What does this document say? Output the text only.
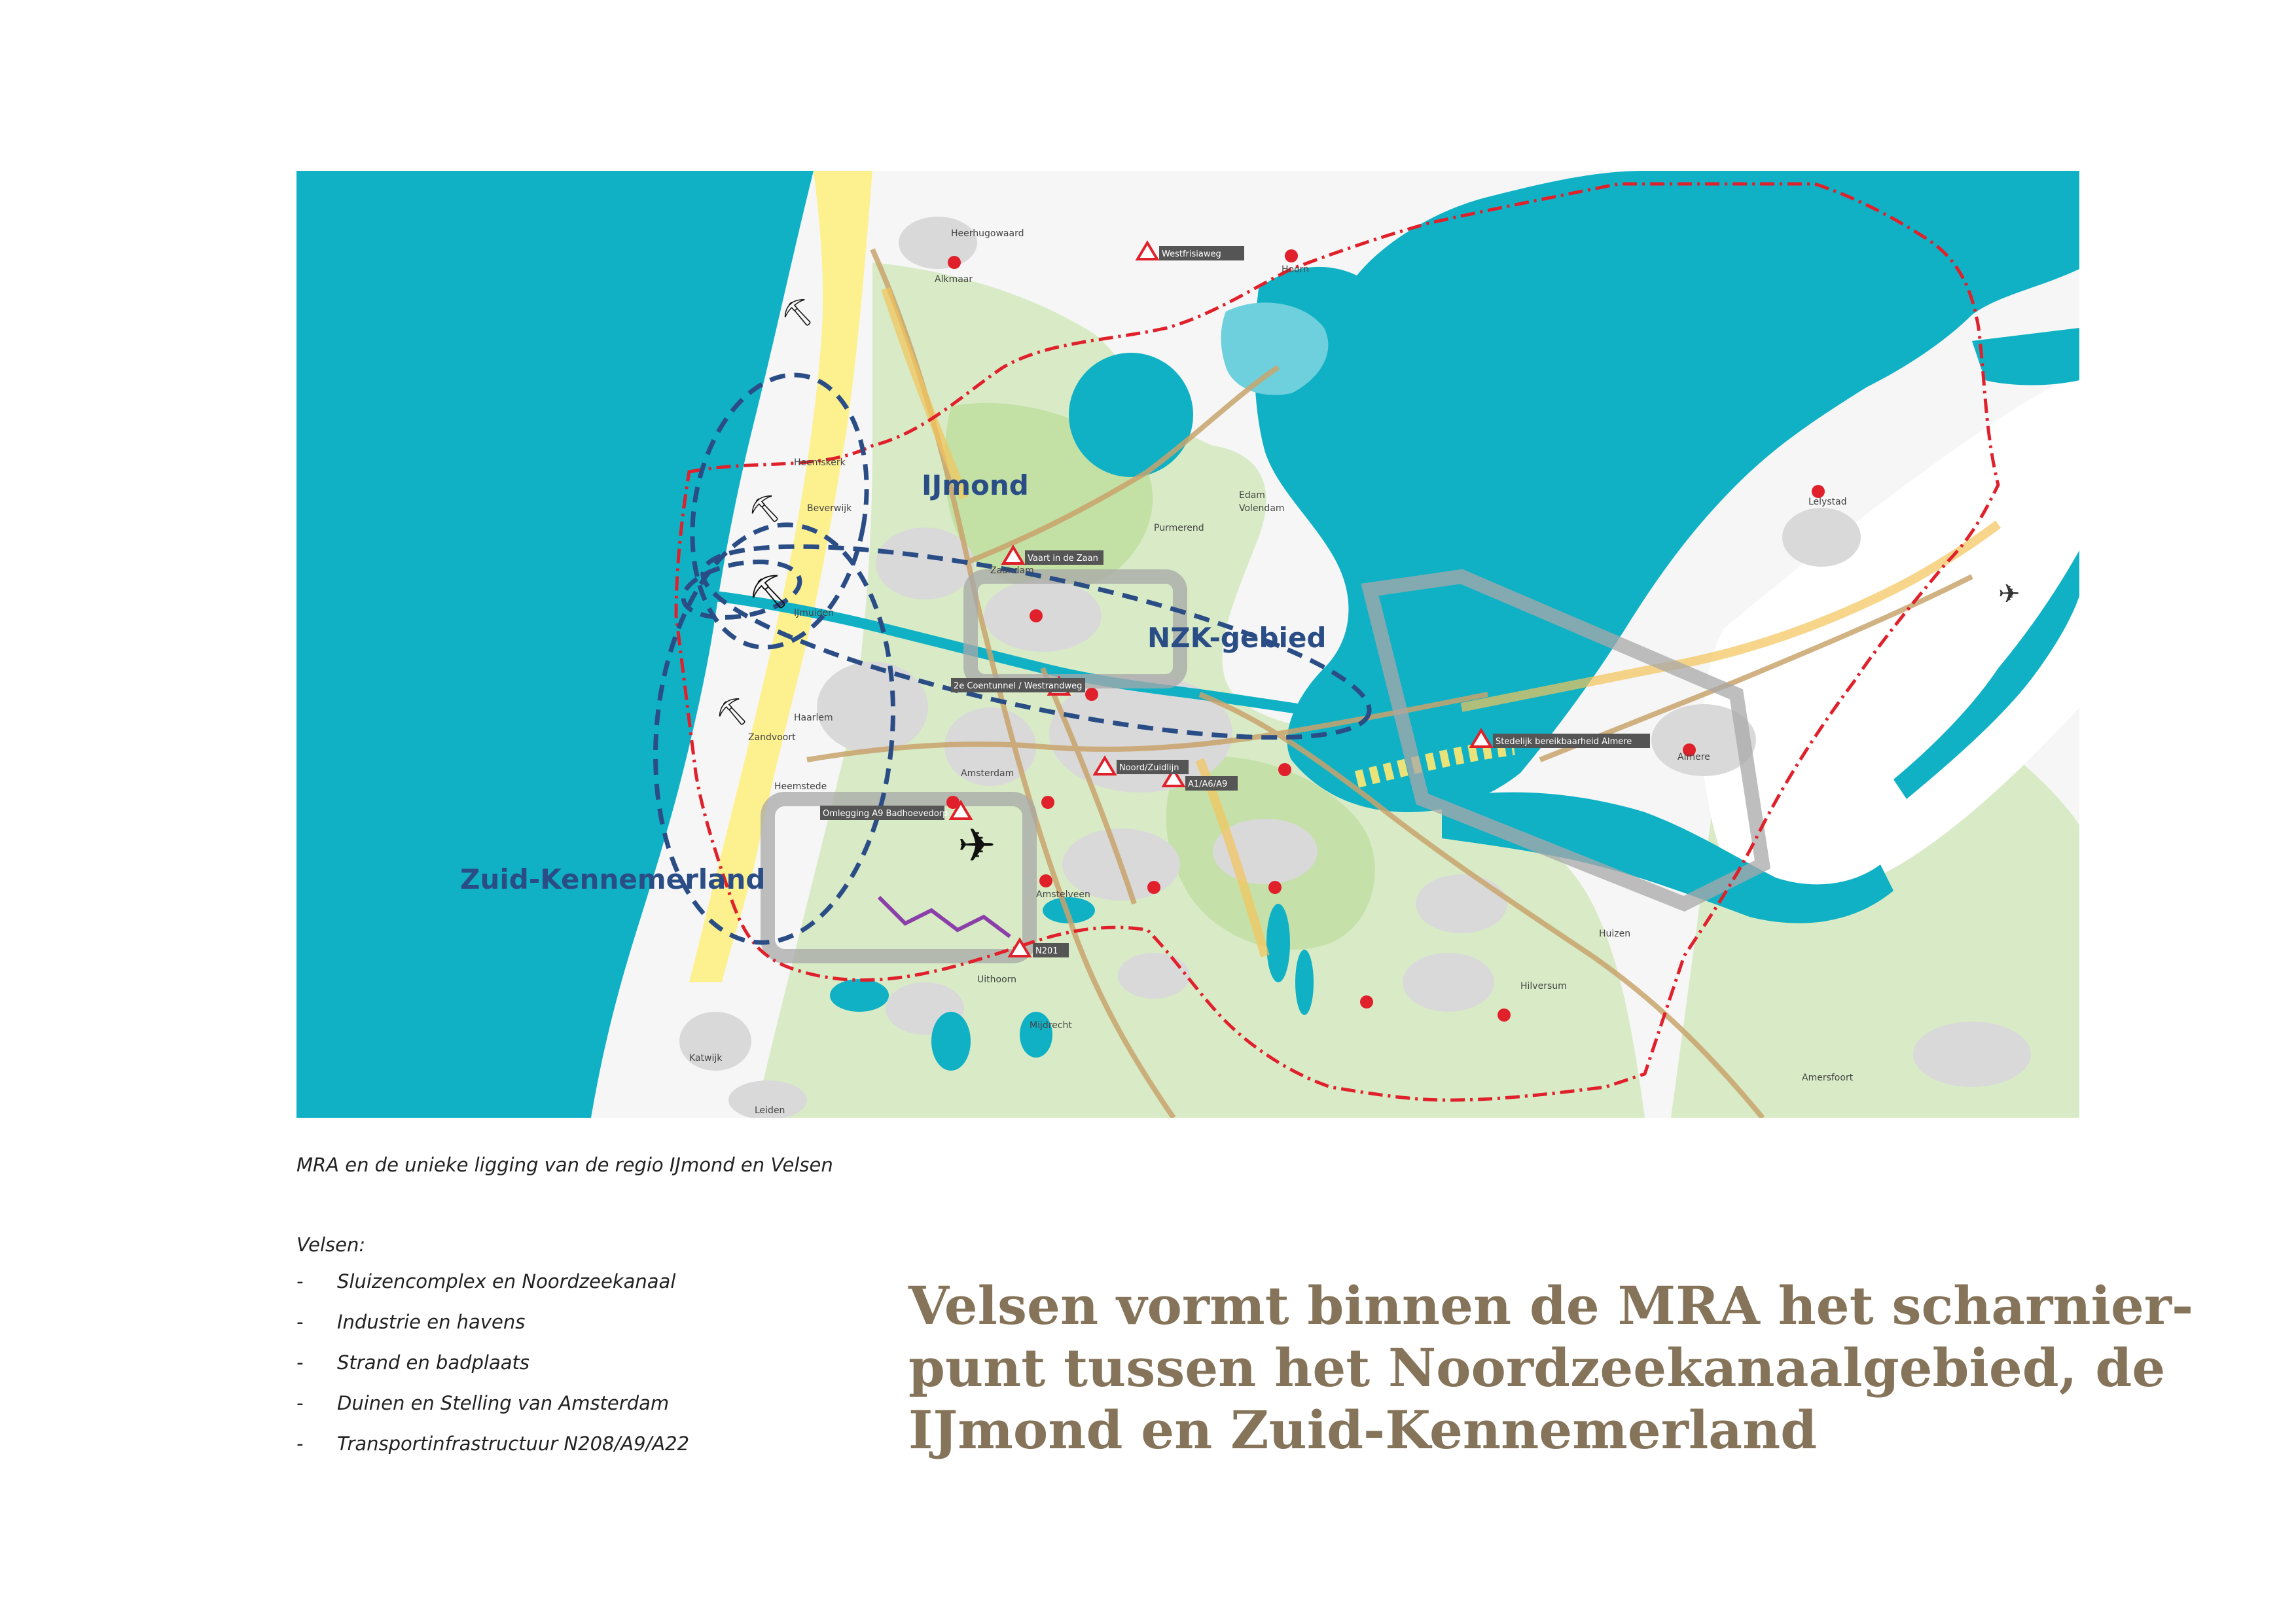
✈
✈
⛏
⛏
⛏
⛏
IJmond
NZK-gebied
Zuid-Kennemerland
Alkmaar
Heerhugowaard
Hoorn
Heemskerk
Beverwijk
IJmuiden
Purmerend
Edam
Volendam
Zaandam
Haarlem
Zandvoort
Heemstede
Amsterdam
Amstelveen
Uithoorn
Mijdrecht
Lelystad
Almere
Huizen
Hilversum
Amersfoort
Katwijk
Leiden
Westfrisiaweg
Vaart in de Zaan
2e Coentunnel / Westrandweg
Noord/Zuidlijn
A1/A6/A9
Omlegging A9 Badhoevedorp
N201
Stedelijk bereikbaarheid Almere
MRA en de unieke ligging van de regio IJmond en Velsen
Velsen:
- Sluizencomplex en Noordzeekanaal
- Industrie en havens
- Strand en badplaats
- Duinen en Stelling van Amsterdam
- Transportinfrastructuur N208/A9/A22
Velsen vormt binnen de MRA het scharnier-
punt tussen het Noordzeekanaalgebied, de
IJmond en Zuid-Kennemerland
